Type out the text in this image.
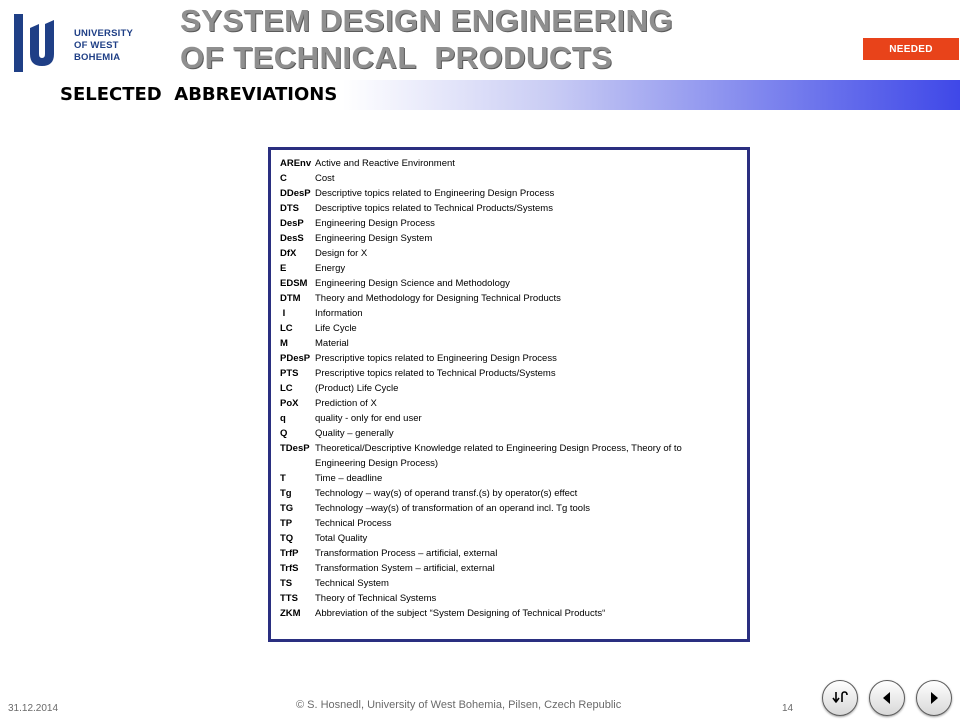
UNIVERSITY
OF WEST BOHEMIA
SYSTEM DESIGN ENGINEERING
OF TECHNICAL  PRODUCTS	NEEDED
SELECTED  ABBREVIATIONS
AREnv Active and Reactive Environment
C	Cost
DDesP Descriptive topics related to Engineering Design Process
DTS	Descriptive topics related to Technical Products/Systems
DesP	Engineering Design Process
DesS	Engineering Design System
DfX	Design for X
E	Energy
EDSM Engineering Design Science and Methodology
DTM	Theory and Methodology for Designing Technical Products
I	Information
LC	Life Cycle
M	Material
PDesP Prescriptive topics related to Engineering Design Process
PTS	Prescriptive topics related to Technical Products/Systems
LC	(Product) Life Cycle
PoX	Prediction of X
q	quality - only for end user
Q	Quality – generally
TDesP Theoretical/Descriptive Knowledge related to Engineering Design Process, Theory of to
Engineering Design Process)
T	Time – deadline
Tg	Technology – way(s) of operand transf.(s) by operator(s) effect
TG	Technology –way(s) of transformation of an operand incl. Tg tools
TP	Technical Process
TQ	Total Quality
TrfP	Transformation Process – artificial, external
TrfS	Transformation System – artificial, external
TS	Technical System
TTS	Theory of Technical Systems
ZKM	Abbreviation of the subject “System Designing of Technical Products“
31.12.2014	© S. Hosnedl, University of West Bohemia, Pilsen, Czech Republic	14
